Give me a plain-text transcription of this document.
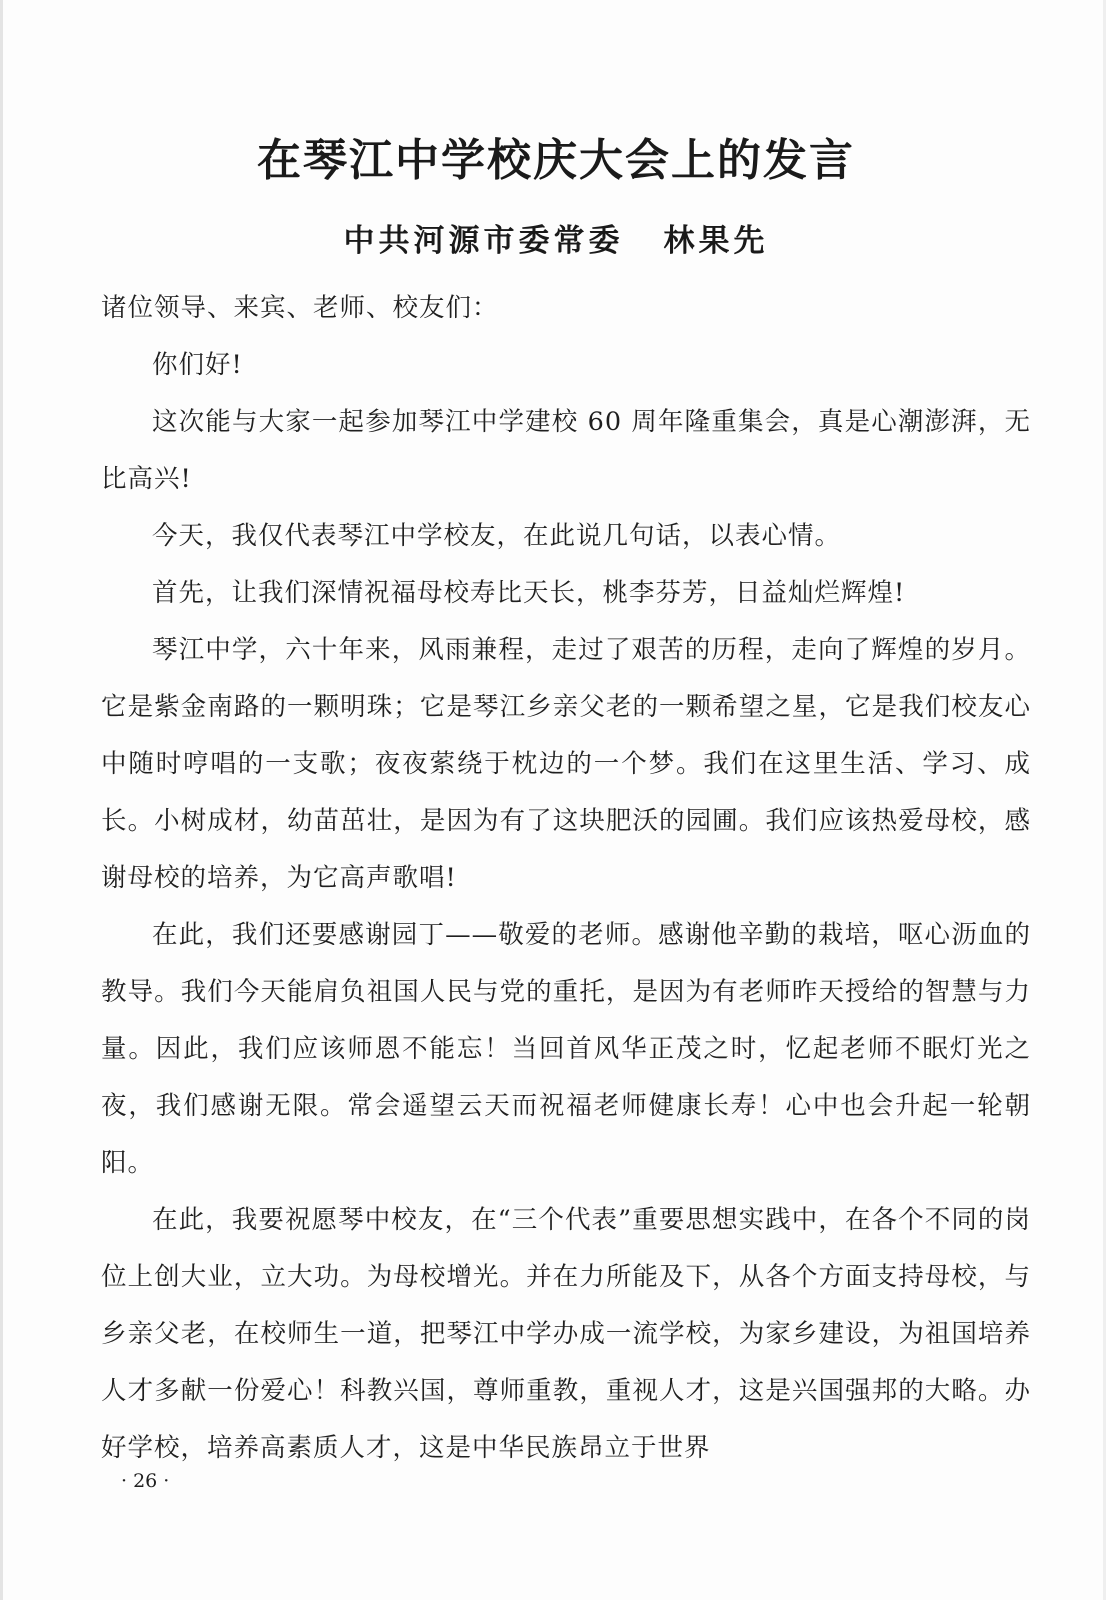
在琴江中学校庆大会上的发言
中共河源市委常委 林果先

诸位领导、来宾、老师、校友们：

你们好!

这次能与大家一起参加琴江中学建校 60 周年隆重集会，真是心潮澎湃，无比高兴!

今天，我仅代表琴江中学校友，在此说几句话，以表心情。

首先，让我们深情祝福母校寿比天长，桃李芬芳，日益灿烂辉煌!

琴江中学，六十年来，风雨兼程，走过了艰苦的历程，走向了辉煌的岁月。它是紫金南路的一颗明珠；它是琴江乡亲父老的一颗希望之星，它是我们校友心中随时哼唱的一支歌；夜夜萦绕于枕边的一个梦。我们在这里生活、学习、成长。小树成材，幼苗茁壮，是因为有了这块肥沃的园圃。我们应该热爱母校，感谢母校的培养，为它高声歌唱!

在此，我们还要感谢园丁——敬爱的老师。感谢他辛勤的栽培，呕心沥血的教导。我们今天能肩负祖国人民与党的重托，是因为有老师昨天授给的智慧与力量。因此，我们应该师恩不能忘！当回首风华正茂之时，忆起老师不眠灯光之夜，我们感谢无限。常会遥望云天而祝福老师健康长寿！心中也会升起一轮朝阳。

在此，我要祝愿琴中校友，在“三个代表”重要思想实践中，在各个不同的岗位上创大业，立大功。为母校增光。并在力所能及下，从各个方面支持母校，与乡亲父老，在校师生一道，把琴江中学办成一流学校，为家乡建设，为祖国培养人才多献一份爱心！科教兴国，尊师重教，重视人才，这是兴国强邦的大略。办好学校，培养高素质人才，这是中华民族昂立于世界

· 26 ·
